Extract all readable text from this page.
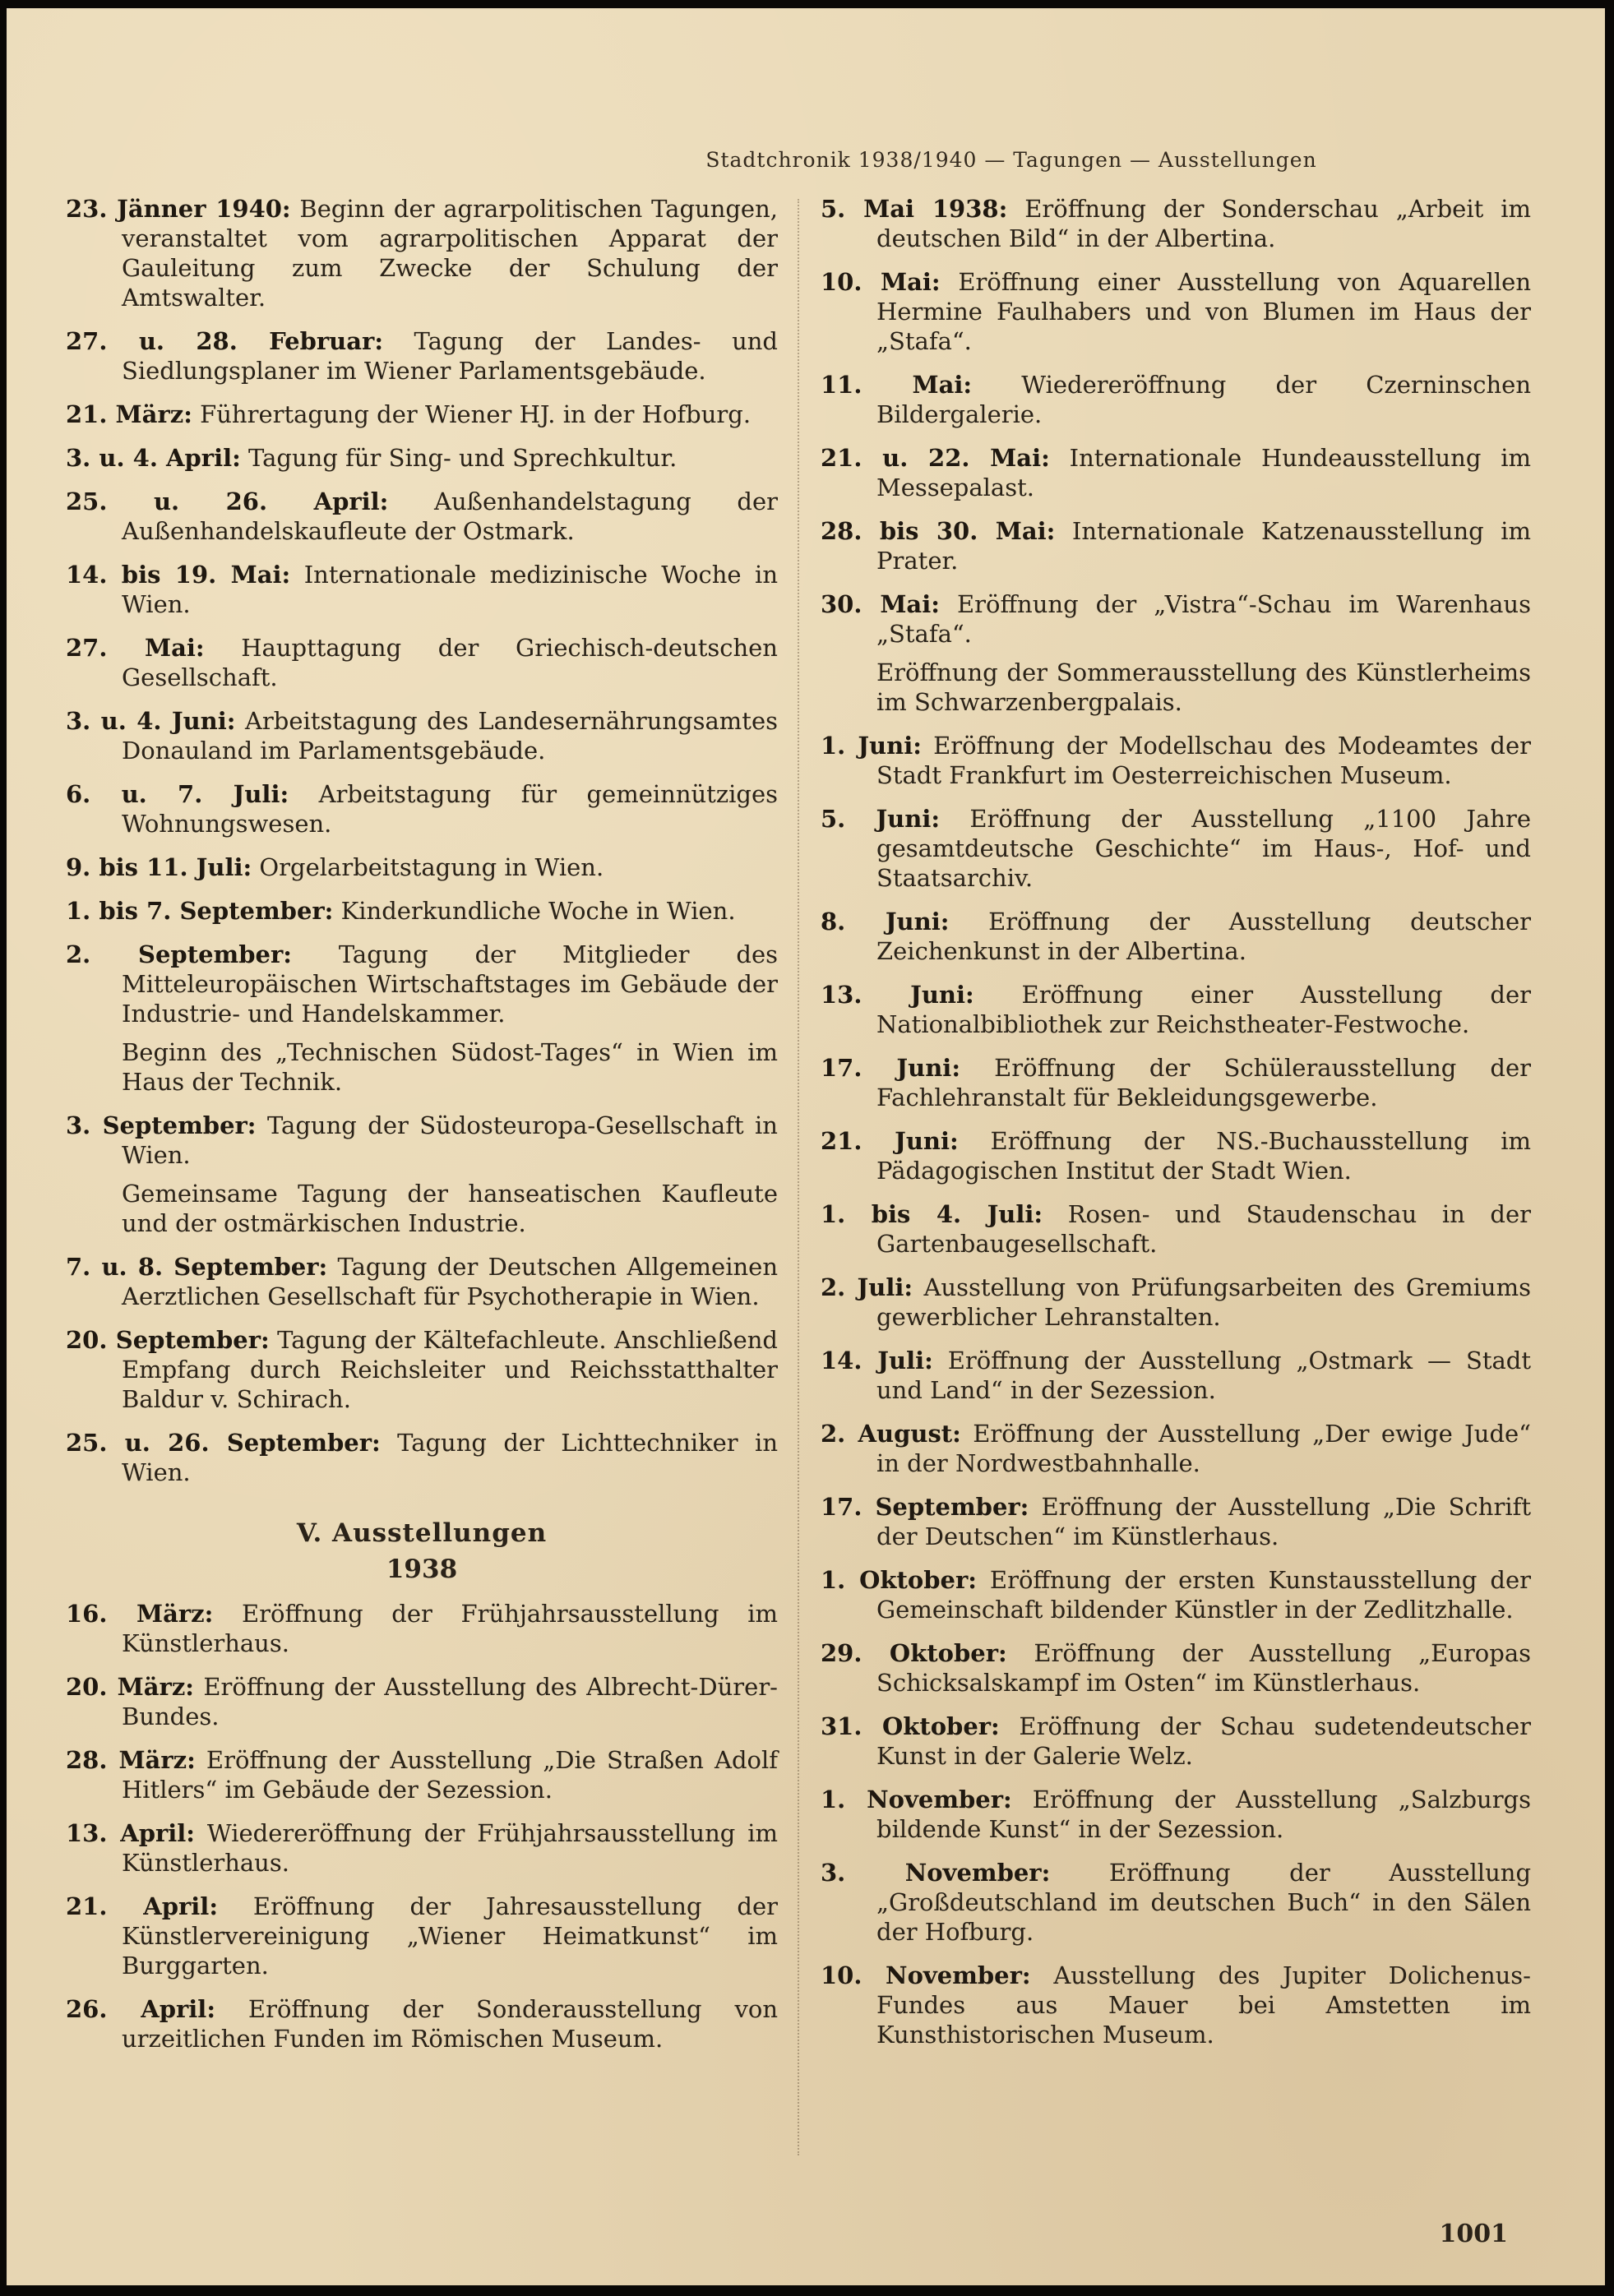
Stadtchronik 1938/1940 — Tagungen — Ausstellungen

23. Jänner 1940: Beginn der agrarpolitischen Tagungen, veranstaltet vom agrarpolitischen Apparat der Gauleitung zum Zwecke der Schulung der Amtswalter.

27. u. 28. Februar: Tagung der Landes- und Siedlungsplaner im Wiener Parlamentsgebäude.

21. März: Führertagung der Wiener HJ. in der Hofburg.

3. u. 4. April: Tagung für Sing- und Sprechkultur.

25. u. 26. April: Außenhandelstagung der Außenhandelskaufleute der Ostmark.

14. bis 19. Mai: Internationale medizinische Woche in Wien.

27. Mai: Haupttagung der Griechisch-deutschen Gesellschaft.

3. u. 4. Juni: Arbeitstagung des Landesernährungsamtes Donauland im Parlamentsgebäude.

6. u. 7. Juli: Arbeitstagung für gemeinnütziges Wohnungswesen.

9. bis 11. Juli: Orgelarbeitstagung in Wien.

1. bis 7. September: Kinderkundliche Woche in Wien.

2. September: Tagung der Mitglieder des Mitteleuropäischen Wirtschaftstages im Gebäude der Industrie- und Handelskammer.

Beginn des „Technischen Südost-Tages“ in Wien im Haus der Technik.

3. September: Tagung der Südosteuropa-Gesellschaft in Wien.

Gemeinsame Tagung der hanseatischen Kaufleute und der ostmärkischen Industrie.

7. u. 8. September: Tagung der Deutschen Allgemeinen Aerztlichen Gesellschaft für Psychotherapie in Wien.

20. September: Tagung der Kältefachleute. Anschließend Empfang durch Reichsleiter und Reichsstatthalter Baldur v. Schirach.

25. u. 26. September: Tagung der Lichttechniker in Wien.

V. Ausstellungen
1938

16. März: Eröffnung der Frühjahrsausstellung im Künstlerhaus.

20. März: Eröffnung der Ausstellung des Albrecht-Dürer-Bundes.

28. März: Eröffnung der Ausstellung „Die Straßen Adolf Hitlers“ im Gebäude der Sezession.

13. April: Wiedereröffnung der Frühjahrsausstellung im Künstlerhaus.

21. April: Eröffnung der Jahresausstellung der Künstlervereinigung „Wiener Heimatkunst“ im Burggarten.

26. April: Eröffnung der Sonderausstellung von urzeitlichen Funden im Römischen Museum.

5. Mai 1938: Eröffnung der Sonderschau „Arbeit im deutschen Bild“ in der Albertina.

10. Mai: Eröffnung einer Ausstellung von Aquarellen Hermine Faulhabers und von Blumen im Haus der „Stafa“.

11. Mai: Wiedereröffnung der Czerninschen Bildergalerie.

21. u. 22. Mai: Internationale Hundeausstellung im Messepalast.

28. bis 30. Mai: Internationale Katzenausstellung im Prater.

30. Mai: Eröffnung der „Vistra“-Schau im Warenhaus „Stafa“.

Eröffnung der Sommerausstellung des Künstlerheims im Schwarzenbergpalais.

1. Juni: Eröffnung der Modellschau des Modeamtes der Stadt Frankfurt im Oesterreichischen Museum.

5. Juni: Eröffnung der Ausstellung „1100 Jahre gesamtdeutsche Geschichte“ im Haus-, Hof- und Staatsarchiv.

8. Juni: Eröffnung der Ausstellung deutscher Zeichenkunst in der Albertina.

13. Juni: Eröffnung einer Ausstellung der Nationalbibliothek zur Reichstheater-Festwoche.

17. Juni: Eröffnung der Schülerausstellung der Fachlehranstalt für Bekleidungsgewerbe.

21. Juni: Eröffnung der NS.-Buchausstellung im Pädagogischen Institut der Stadt Wien.

1. bis 4. Juli: Rosen- und Staudenschau in der Gartenbaugesellschaft.

2. Juli: Ausstellung von Prüfungsarbeiten des Gremiums gewerblicher Lehranstalten.

14. Juli: Eröffnung der Ausstellung „Ostmark — Stadt und Land“ in der Sezession.

2. August: Eröffnung der Ausstellung „Der ewige Jude“ in der Nordwestbahnhalle.

17. September: Eröffnung der Ausstellung „Die Schrift der Deutschen“ im Künstlerhaus.

1. Oktober: Eröffnung der ersten Kunstausstellung der Gemeinschaft bildender Künstler in der Zedlitzhalle.

29. Oktober: Eröffnung der Ausstellung „Europas Schicksalskampf im Osten“ im Künstlerhaus.

31. Oktober: Eröffnung der Schau sudetendeutscher Kunst in der Galerie Welz.

1. November: Eröffnung der Ausstellung „Salzburgs bildende Kunst“ in der Sezession.

3. November: Eröffnung der Ausstellung „Großdeutschland im deutschen Buch“ in den Sälen der Hofburg.

10. November: Ausstellung des Jupiter Dolichenus-Fundes aus Mauer bei Amstetten im Kunsthistorischen Museum.

1001
